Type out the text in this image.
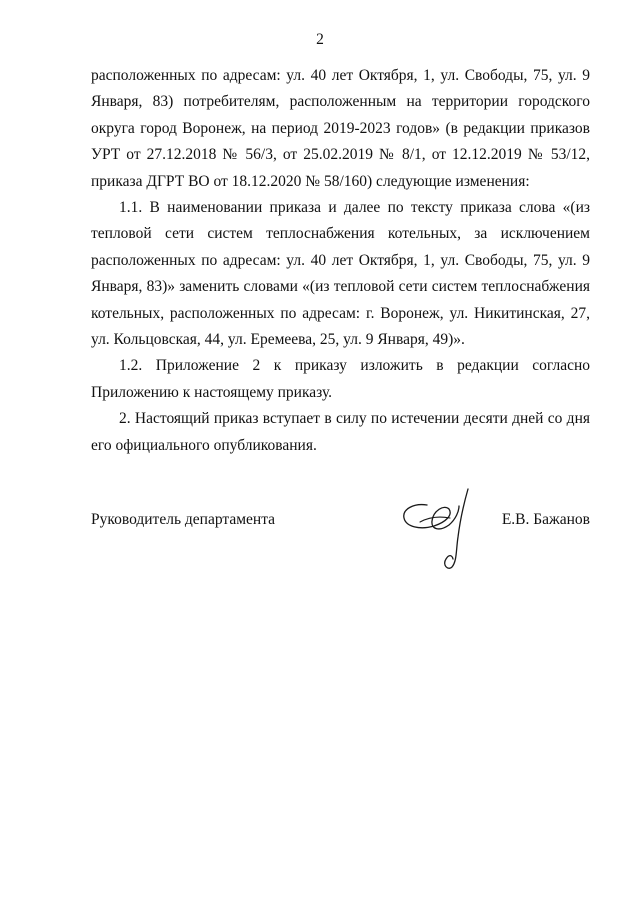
2

расположенных по адресам: ул. 40 лет Октября, 1, ул. Свободы, 75, ул. 9 Января, 83) потребителям, расположенным на территории городского округа город Воронеж, на период 2019-2023 годов» (в редакции приказов УРТ от 27.12.2018 № 56/3, от 25.02.2019 № 8/1, от 12.12.2019 № 53/12, приказа ДГРТ ВО от 18.12.2020 № 58/160) следующие изменения:

1.1. В наименовании приказа и далее по тексту приказа слова «(из тепловой сети систем теплоснабжения котельных, за исключением расположенных по адресам: ул. 40 лет Октября, 1, ул. Свободы, 75, ул. 9 Января, 83)» заменить словами «(из тепловой сети систем теплоснабжения котельных, расположенных по адресам: г. Воронеж, ул. Никитинская, 27, ул. Кольцовская, 44, ул. Еремеева, 25, ул. 9 Января, 49)».

1.2. Приложение 2 к приказу изложить в редакции согласно Приложению к настоящему приказу.

2. Настоящий приказ вступает в силу по истечении десяти дней со дня его официального опубликования.

Руководитель департамента	Е.В. Бажанов
